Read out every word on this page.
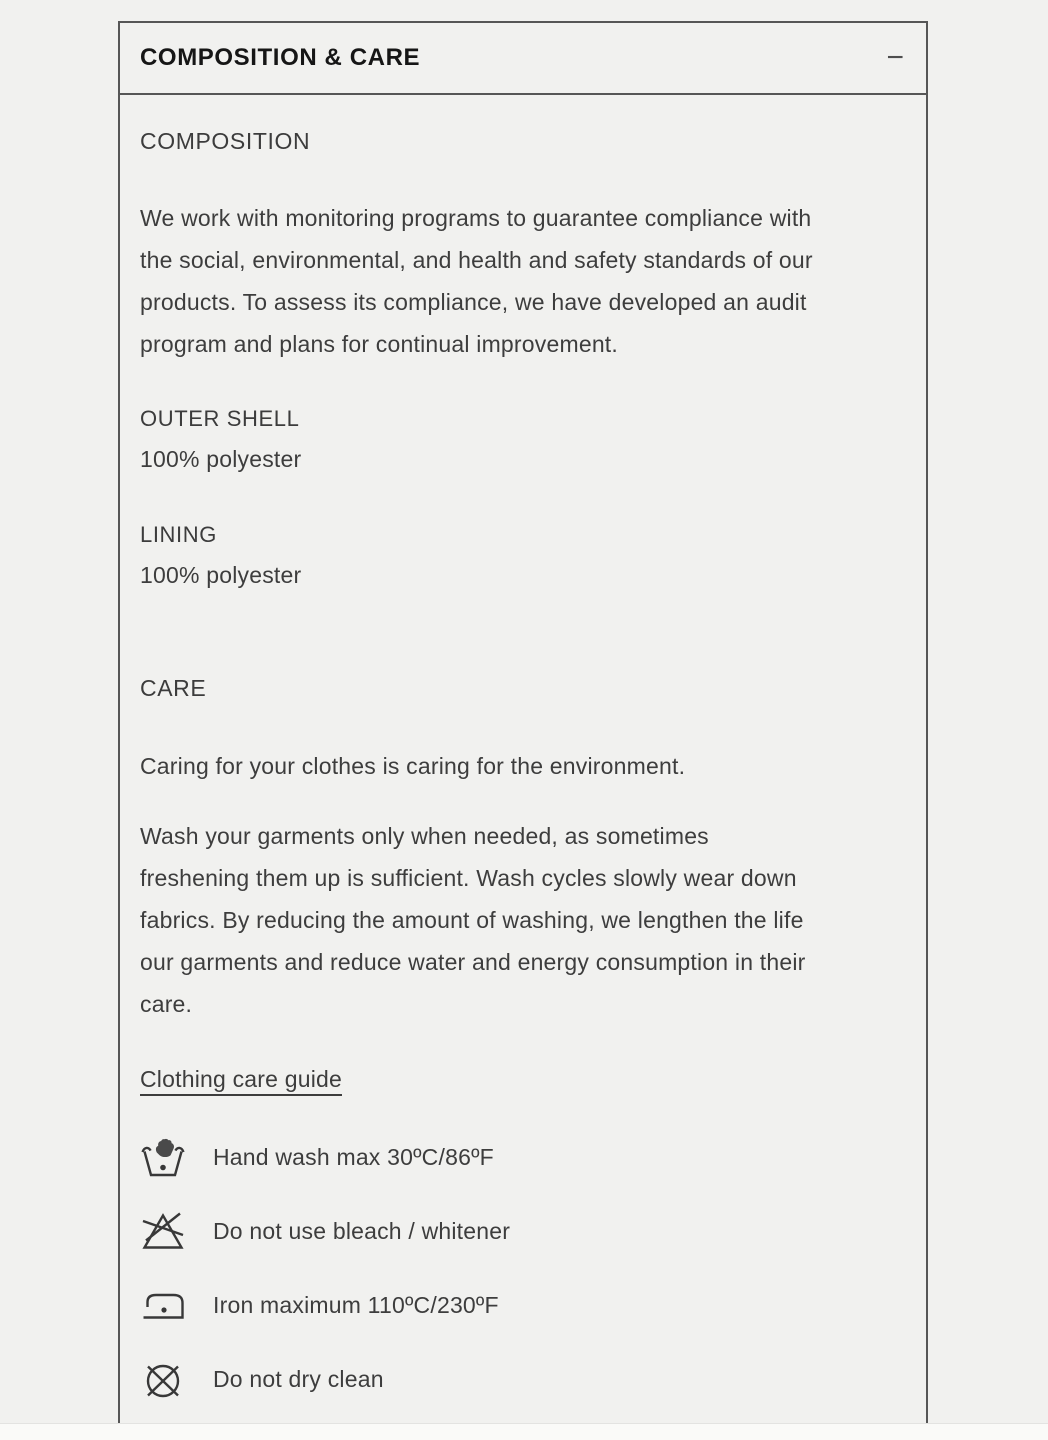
COMPOSITION & CARE	−
COMPOSITION
We work with monitoring programs to guarantee compliance with
the social, environmental, and health and safety standards of our
products. To assess its compliance, we have developed an audit
program and plans for continual improvement.
OUTER SHELL
100% polyester
LINING
100% polyester
CARE
Caring for your clothes is caring for the environment.
Wash your garments only when needed, as sometimes
freshening them up is sufficient. Wash cycles slowly wear down
fabrics. By reducing the amount of washing, we lengthen the life
our garments and reduce water and energy consumption in their
care.
Clothing care guide
Hand wash max 30ºC/86ºF
Do not use bleach / whitener
Iron maximum 110ºC/230ºF
Do not dry clean
